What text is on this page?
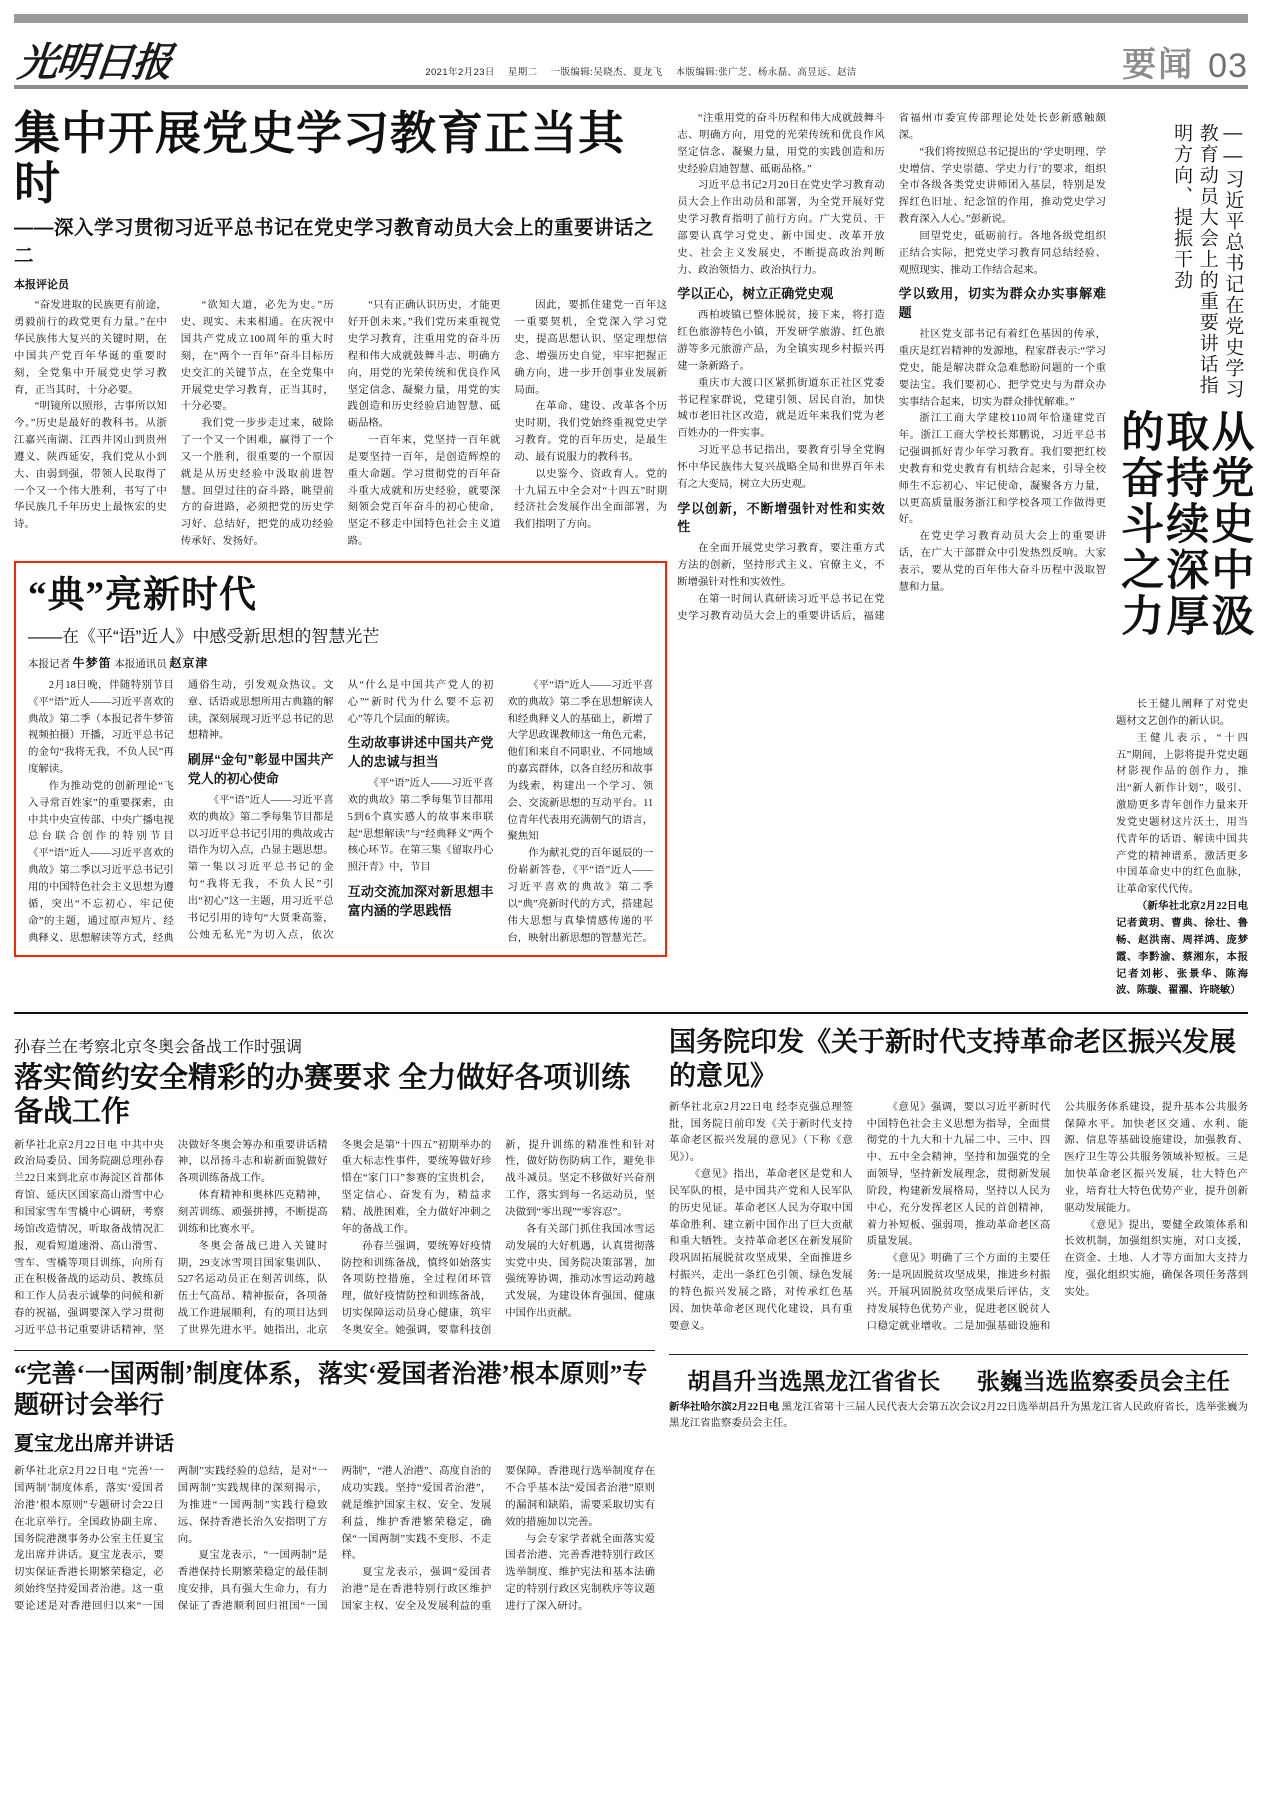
光明日报	2021年2月23日 星期二 一版编辑:吴晓杰、夏龙飞 本版编辑:张广芝、杨永磊、高昱远、赵洁	要闻 03
集中开展党史学习教育正当其时
——深入学习贯彻习近平总书记在党史学习教育动员大会上的重要讲话之二
本报评论员

“奋发进取的民族更有前途，勇毅前行的政党更有力量。”在中华民族伟大复兴的关键时期，在中国共产党百年华诞的重要时刻，全党集中开展党史学习教育，正当其时，十分必要。

“明镜所以照形，古事所以知今。”历史是最好的教科书。从浙江嘉兴南湖、江西井冈山到贵州遵义、陕西延安，我们党从小到大、由弱到强，带领人民取得了一个又一个伟大胜利，书写了中华民族几千年历史上最恢宏的史诗。

“欲知大道，必先为史。”历史、现实、未来相通。在庆祝中国共产党成立100周年的重大时刻，在“两个一百年”奋斗目标历史交汇的关键节点，在全党集中开展党史学习教育，正当其时，十分必要。

我们党一步步走过来，破除了一个又一个困难，赢得了一个又一个胜利，很重要的一个原因就是从历史经验中汲取前进智慧。回望过往的奋斗路，眺望前方的奋进路，必须把党的历史学习好、总结好，把党的成功经验传承好、发扬好。

“只有正确认识历史，才能更好开创未来。”我们党历来重视党史学习教育，注重用党的奋斗历程和伟大成就鼓舞斗志、明确方向，用党的光荣传统和优良作风坚定信念、凝聚力量，用党的实践创造和历史经验启迪智慧、砥砺品格。

一百年来，党坚持一百年就是要坚持一百年，是创造辉煌的重大命题。学习贯彻党的百年奋斗重大成就和历史经验，就要深刻领会党百年奋斗的初心使命，坚定不移走中国特色社会主义道路。

因此，要抓住建党一百年这一重要契机，全党深入学习党史，提高思想认识、坚定理想信念、增强历史自觉，牢牢把握正确方向，进一步开创事业发展新局面。

在革命、建设、改革各个历史时期，我们党始终重视党史学习教育。党的百年历史，是最生动、最有说服力的教科书。

以史鉴今、资政育人。党的十九届五中全会对“十四五”时期经济社会发展作出全面部署，为我们指明了方向。

“典”亮新时代
——在《平“语”近人》中感受新思想的智慧光芒
本报记者 牛梦笛 本报通讯员 赵京津

2月18日晚，伴随特别节目《平“语”近人——习近平喜欢的典故》第二季（本报记者牛梦笛视频拍摄）开播，习近平总书记的金句“我将无我，不负人民”再度解读。

作为推动党的创新理论“飞入寻常百姓家”的重要探索，由中共中央宣传部、中央广播电视总台联合创作的特别节目《平“语”近人——习近平喜欢的典故》第二季以习近平总书记引用的中国特色社会主义思想为遵循，突出“不忘初心、牢记使命”的主题，通过原声短片、经典释义、思想解读等方式，经典通俗生动，引发观众热议。文章、话语或思想所用古典籍的解读，深刻展现习近平总书记的思想精神。

刷屏“金句”彰显中国共产党人的初心使命

《平“语”近人——习近平喜欢的典故》第二季每集节目都是以习近平总书记引用的典故或古语作为切入点，凸显主题思想。第一集以习近平总书记的金句“我将无我，不负人民”引出“初心”这一主题，用习近平总书记引用的诗句“大贤秉高鉴，公烛无私光”为切入点，依次从“什么是中国共产党人的初心”“新时代为什么要不忘初心”等几个层面的解读。

生动故事讲述中国共产党人的忠诚与担当

《平“语”近人——习近平喜欢的典故》第二季每集节目都用5到6个真实感人的故事来串联起“思想解读”与“经典释义”两个核心环节。在第三集《留取丹心照汗青》中，节目

互动交流加深对新思想丰富内涵的学思践悟

《平“语”近人——习近平喜欢的典故》第二季在思想解读人和经典释义人的基础上，新增了大学思政课教师这一角色元素，他们和来自不同职业、不同地域的嘉宾群体，以各自经历和故事为线索，构建出一个学习、领会、交流新思想的互动平台。11位青年代表用充满朝气的语言，聚焦知

作为献礼党的百年诞辰的一份崭新答卷，《平“语”近人——习近平喜欢的典故》第二季以“典”亮新时代的方式，搭建起伟大思想与真挚情感传递的平台，映射出新思想的智慧光芒。

“注重用党的奋斗历程和伟大成就鼓舞斗志、明确方向，用党的光荣传统和优良作风坚定信念、凝聚力量，用党的实践创造和历史经验启迪智慧、砥砺品格。”

习近平总书记2月20日在党史学习教育动员大会上作出动员和部署，为全党开展好党史学习教育指明了前行方向。广大党员、干部要认真学习党史、新中国史、改革开放史、社会主义发展史，不断提高政治判断力、政治领悟力、政治执行力。

学以正心，树立正确党史观

西柏坡镇已整体脱贫，接下来，将打造红色旅游特色小镇，开发研学旅游、红色旅游等多元旅游产品，为全镇实现乡村振兴再建一条新路子。

重庆市大渡口区紧抓街道东正社区党委书记程家群说，党建引领、居民自治，加快城市老旧社区改造，就是近年来我们党为老百姓办的一件实事。

习近平总书记指出，要教育引导全党胸怀中华民族伟大复兴战略全局和世界百年未有之大变局，树立大历史观。

学以创新，不断增强针对性和实效性

在全面开展党史学习教育，要注重方式方法的创新，坚持形式主义、官僚主义，不断增强针对性和实效性。

在第一时间认真研读习近平总书记在党史学习教育动员大会上的重要讲话后，福建省福州市委宣传部理论处处长彭新感触颇深。

“我们将按照总书记提出的‘学史明理、学史增信、学史崇德、学史力行’的要求，组织全市各级各类党史讲师团入基层，特别是发挥红色旧址、纪念馆的作用，推动党史学习教育深入人心。”彭新说。

回望党史，砥砺前行。各地各级党组织正结合实际，把党史学习教育同总结经验、观照现实、推动工作结合起来。

学以致用，切实为群众办实事解难题

社区党支部书记有着红色基因的传承，重庆是红岩精神的发源地，程家群表示:“学习党史，能是解决群众急难愁盼问题的一个重要法宝。我们要初心、把学党史与为群众办实事结合起来，切实为群众排忧解难。”

浙江工商大学建校110周年恰逢建党百年。浙江工商大学校长郑鹏说，习近平总书记强调抓好青少年学习教育。我们要把红校史教育和党史教育有机结合起来，引导全校师生不忘初心、牢记使命，凝聚各方力量，以更高质量服务浙江和学校各项工作做得更好。

在党史学习教育动员大会上的重要讲话，在广大干部群众中引发热烈反响。大家表示，要从党的百年伟大奋斗历程中汲取智慧和力量。	从党史中汲取持续深厚的奋斗之力
——习近平总书记在党史学习教育动员大会上的重要讲话指明方向、提振干劲

长王健儿阐释了对党史题材文艺创作的新认识。

王健儿表示，“十四五”期间，上影将提升党史题材影视作品的创作力，推出“新人新作计划”，吸引、激励更多青年创作力量来开发党史题材这片沃土，用当代青年的话语、解读中国共产党的精神谱系，激活更多中国革命史中的红色血脉，让革命家代代传。

（新华社北京2月22日电 记者黄玥、曹典、徐壮、鲁畅、赵洪南、周祥鸿、庞梦霞、李黔渝、蔡湘东，本报记者刘彬、张景华、陈海波、陈璇、翟濯、许晓敏）

孙春兰在考察北京冬奥会备战工作时强调
落实简约安全精彩的办赛要求 全力做好各项训练备战工作

新华社北京2月22日电 中共中央政治局委员、国务院副总理孙春兰22日来到北京市海淀区首都体育馆、延庆区国家高山滑雪中心和国家雪车雪橇中心调研，考察场馆改造情况，听取备战情况汇报，观看短道速滑、高山滑雪、雪车、雪橇等项目训练，向所有正在积极备战的运动员、教练员和工作人员表示诚挚的问候和新春的祝福，强调要深入学习贯彻习近平总书记重要讲话精神，坚决做好冬奥会筹办和重要讲话精神，以昂扬斗志和崭新面貌做好各项训练备战工作。

体育精神和奥林匹克精神，刻苦训练、顽强拼搏，不断提高训练和比赛水平。

冬奥会备战已进入关键时期，29支冰雪项目国家集训队、527名运动员正在刻苦训练，队伍士气高昂、精神振奋，各项备战工作进展顺利，有的项目达到了世界先进水平。她指出，北京冬奥会是第“十四五”初期举办的重大标志性事件，要统筹做好珍惜在“家门口”参赛的宝贵机会，坚定信心、奋发有为，精益求精、战胜困难，全力做好冲刺之年的备战工作。

孙春兰强调，要统筹好疫情防控和训练备战，慎终如始落实各项防控措施，全过程闭环管理，做好疫情防控和训练备战，切实保障运动员身心健康，筑牢冬奥安全。她强调，要靠科技创新，提升训练的精准性和针对性，做好防伤防病工作，避免非战斗减员。坚定不移做好兴奋剂工作，落实到每一名运动员，坚决做到“零出现”“零容忍”。

各有关部门抓住我国冰雪运动发展的大好机遇，认真贯彻落实党中央、国务院决策部署，加强统筹协调，推动冰雪运动跨越式发展，为建设体育强国、健康中国作出贡献。

“完善‘一国两制’制度体系，落实‘爱国者治港’根本原则”专题研讨会举行
夏宝龙出席并讲话

新华社北京2月22日电 “完善‘一国两制’制度体系，落实‘爱国者治港’根本原则”专题研讨会22日在北京举行。全国政协副主席、国务院港澳事务办公室主任夏宝龙出席并讲话。夏宝龙表示，要切实保证香港长期繁荣稳定，必须始终坚持爱国者治港。这一重要论述是对香港回归以来“一国两制”实践经验的总结，是对“一国两制”实践规律的深刻揭示，为推进“一国两制”实践行稳致远、保持香港长治久安指明了方向。

夏宝龙表示，“一国两制”是香港保持长期繁荣稳定的最佳制度安排，具有强大生命力，有力保证了香港顺利回归祖国“一国两制”，“港人治港”、高度自治的成功实践。坚持“爱国者治港”，就是维护国家主权、安全、发展利益，维护香港繁荣稳定，确保“一国两制”实践不变形、不走样。

夏宝龙表示，强调“爱国者治港”是在香港特别行政区维护国家主权、安全及发展利益的重要保障。香港现行选举制度存在不合乎基本法“爱国者治港”原则的漏洞和缺陷，需要采取切实有效的措施加以完善。

与会专家学者就全面落实爱国者治港、完善香港特别行政区选举制度、维护宪法和基本法确定的特别行政区宪制秩序等议题进行了深入研讨。

国务院印发《关于新时代支持革命老区振兴发展的意见》

新华社北京2月22日电 经李克强总理签批，国务院日前印发《关于新时代支持革命老区振兴发展的意见》（下称《意见》）。

《意见》指出，革命老区是党和人民军队的根，是中国共产党和人民军队的历史见证。革命老区人民为夺取中国革命胜利、建立新中国作出了巨大贡献和重大牺牲。支持革命老区在新发展阶段巩固拓展脱贫攻坚成果，全面推进乡村振兴，走出一条红色引领、绿色发展的特色振兴发展之路，对传承红色基因、加快革命老区现代化建设，具有重要意义。

《意见》强调，要以习近平新时代中国特色社会主义思想为指导，全面贯彻党的十九大和十九届二中、三中、四中、五中全会精神，坚持和加强党的全面领导，坚持新发展理念，贯彻新发展阶段，构建新发展格局，坚持以人民为中心，充分发挥老区人民的首创精神，着力补短板、强弱项，推动革命老区高质量发展。

《意见》明确了三个方面的主要任务:一是巩固脱贫攻坚成果，推进乡村振兴。开展巩固脱贫攻坚成果后评估，支持发展特色优势产业，促进老区脱贫人口稳定就业增收。二是加强基础设施和公共服务体系建设，提升基本公共服务保障水平。加快老区交通、水利、能源、信息等基础设施建设，加强教育、医疗卫生等公共服务领域补短板。三是加快革命老区振兴发展，壮大特色产业，培育壮大特色优势产业，提升创新驱动发展能力。

《意见》提出，要健全政策体系和长效机制，加强组织实施，对口支援，在资金、土地、人才等方面加大支持力度，强化组织实施，确保各项任务落到实处。

胡昌升当选黑龙江省省长 张巍当选监察委员会主任
新华社哈尔滨2月22日电 黑龙江省第十三届人民代表大会第五次会议2月22日选举胡昌升为黑龙江省人民政府省长，选举张巍为黑龙江省监察委员会主任。
